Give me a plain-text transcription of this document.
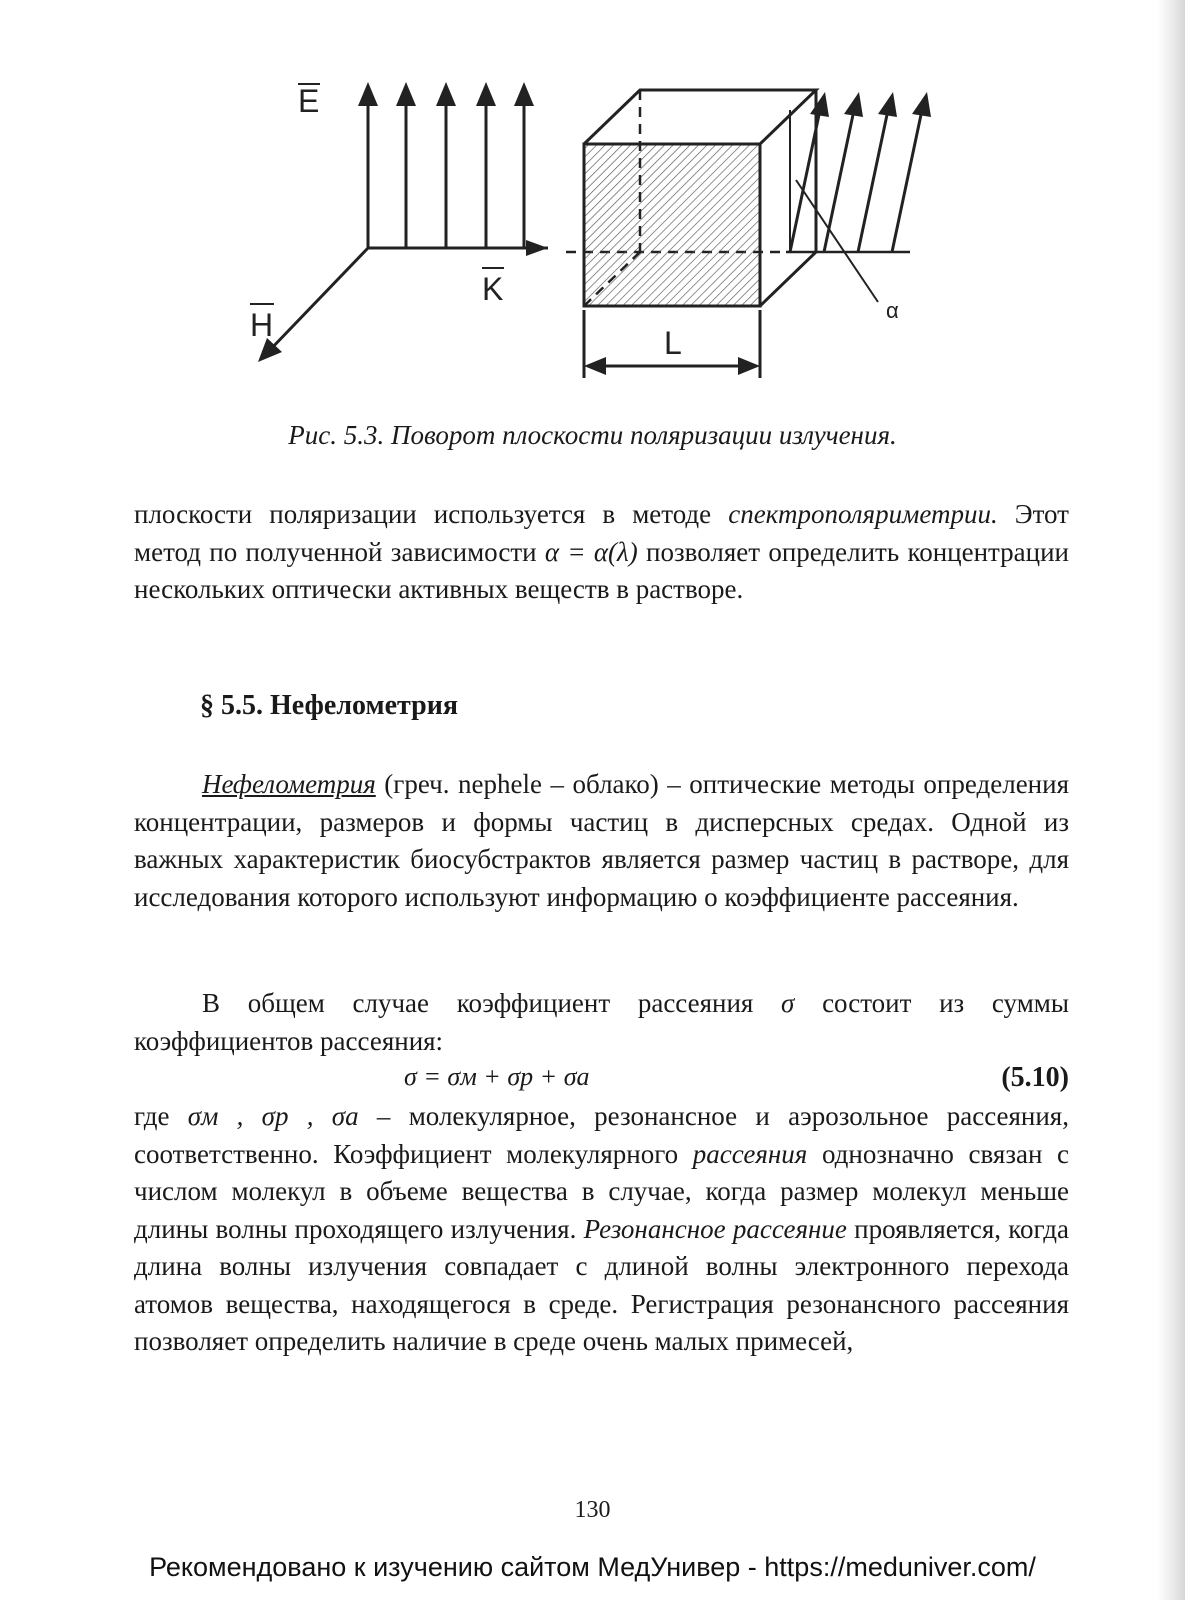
E
K
H	L
α
Рис. 5.3. Поворот плоскости поляризации излучения.
плоскости поляризации используется в методе спектрополяриметрии. Этот метод по полученной зависимости α = α(λ) позволяет определить концентрации нескольких оптически активных веществ в растворе.
§ 5.5. Нефелометрия
Нефелометрия (греч. nephele – облако) – оптические методы определения концентрации, размеров и формы частиц в дисперсных средах. Одной из важных характеристик биосубстрактов является размер частиц в растворе, для исследования которого используют информацию о коэффициенте рассеяния.
В общем случае коэффициент рассеяния σ состоит из суммы коэффициентов рассеяния:
σ = σм + σр + σа	(5.10)
где σм , σр , σа – молекулярное, резонансное и аэрозольное рассеяния, соответственно. Коэффициент молекулярного рассеяния однозначно связан с числом молекул в объеме вещества в случае, когда размер молекул меньше длины волны проходящего излучения. Резонансное рассеяние проявляется, когда длина волны излучения совпадает с длиной волны электронного перехода атомов вещества, находящегося в среде. Регистрация резонансного рассеяния позволяет определить наличие в среде очень малых примесей,
130
Рекомендовано к изучению сайтом МедУнивер - https://meduniver.com/
